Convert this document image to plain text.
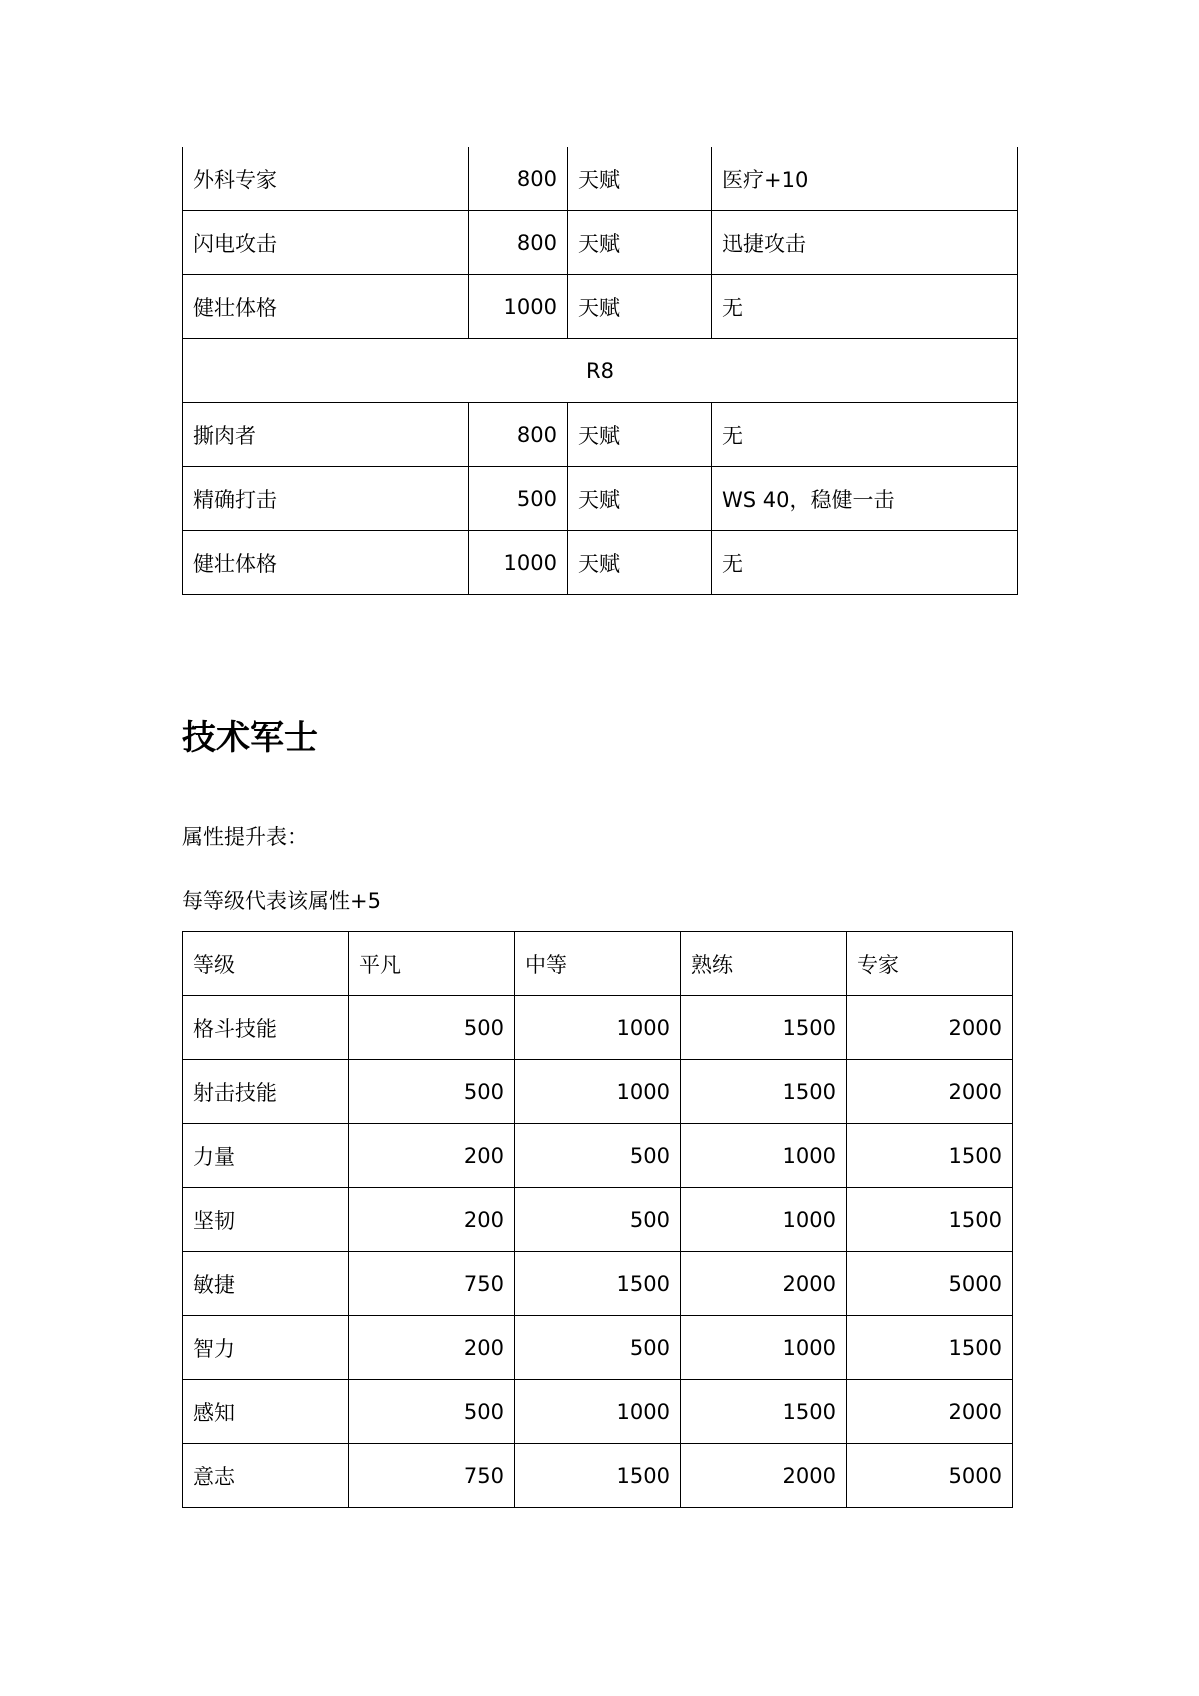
外科专家	800	天赋	医疗+10
闪电攻击	800	天赋	迅捷攻击
健壮体格	1000	天赋	无
R8			
撕肉者	800	天赋	无
精确打击	500	天赋	WS 40，稳健一击
健壮体格	1000	天赋	无
技术军士

属性提升表：

每等级代表该属性+5

等级	平凡	中等	熟练	专家
格斗技能	500	1000	1500	2000
射击技能	500	1000	1500	2000
力量	200	500	1000	1500
坚韧	200	500	1000	1500
敏捷	750	1500	2000	5000
智力	200	500	1000	1500
感知	500	1000	1500	2000
意志	750	1500	2000	5000
